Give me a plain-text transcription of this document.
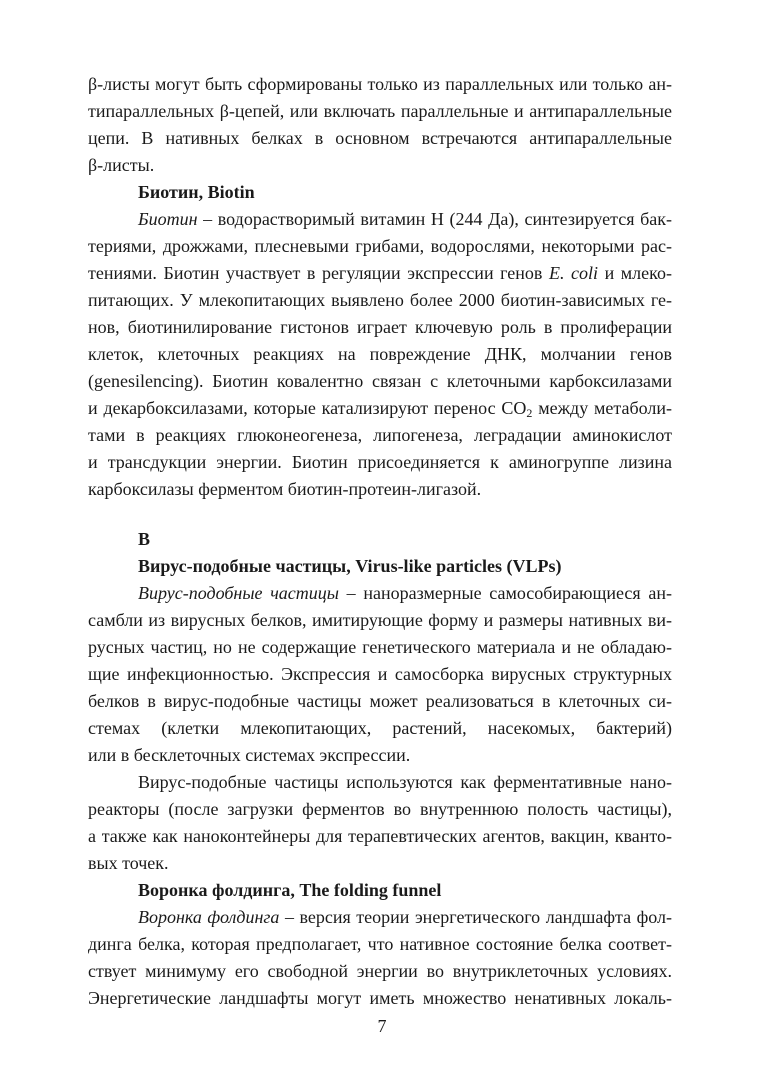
β-листы могут быть сформированы только из параллельных или только ан-
типараллельных β-цепей, или включать параллельные и антипараллельные
цепи. В нативных белках в основном встречаются антипараллельные
β-листы.
Биотин, Biotin
Биотин – водорастворимый витамин Н (244 Да), синтезируется бак-
териями, дрожжами, плесневыми грибами, водорослями, некоторыми рас-
тениями. Биотин участвует в регуляции экспрессии генов E. coli и млеко-
питающих. У млекопитающих выявлено более 2000 биотин-зависимых ге-
нов, биотинилирование гистонов играет ключевую роль в пролиферации
клеток, клеточных реакциях на повреждение ДНК, молчании генов
(genesilencing). Биотин ковалентно связан с клеточными карбоксилазами
и декарбоксилазами, которые катализируют перенос $СО_2$ между метаболи-
тами в реакциях глюконеогенеза, липогенеза, леградации аминокислот
и трансдукции энергии. Биотин присоединяется к аминогруппе лизина
карбоксилазы ферментом биотин-протеин-лигазой.
В
Вирус-подобные частицы, Virus-like particles (VLPs)
Вирус-подобные частицы – наноразмерные самособирающиеся ан-
самбли из вирусных белков, имитирующие форму и размеры нативных ви-
русных частиц, но не содержащие генетического материала и не обладаю-
щие инфекционностью. Экспрессия и самосборка вирусных структурных
белков в вирус-подобные частицы может реализоваться в клеточных си-
стемах (клетки млекопитающих, растений, насекомых, бактерий)
или в бесклеточных системах экспрессии.
Вирус-подобные частицы используются как ферментативные нано-
реакторы (после загрузки ферментов во внутреннюю полость частицы),
а также как наноконтейнеры для терапевтических агентов, вакцин, кванто-
вых точек.
Воронка фолдинга, The folding funnel
Воронка фолдинга – версия теории энергетического ландшафта фол-
динга белка, которая предполагает, что нативное состояние белка соответ-
ствует минимуму его свободной энергии во внутриклеточных условиях.
Энергетические ландшафты могут иметь множество ненативных локаль-
7
